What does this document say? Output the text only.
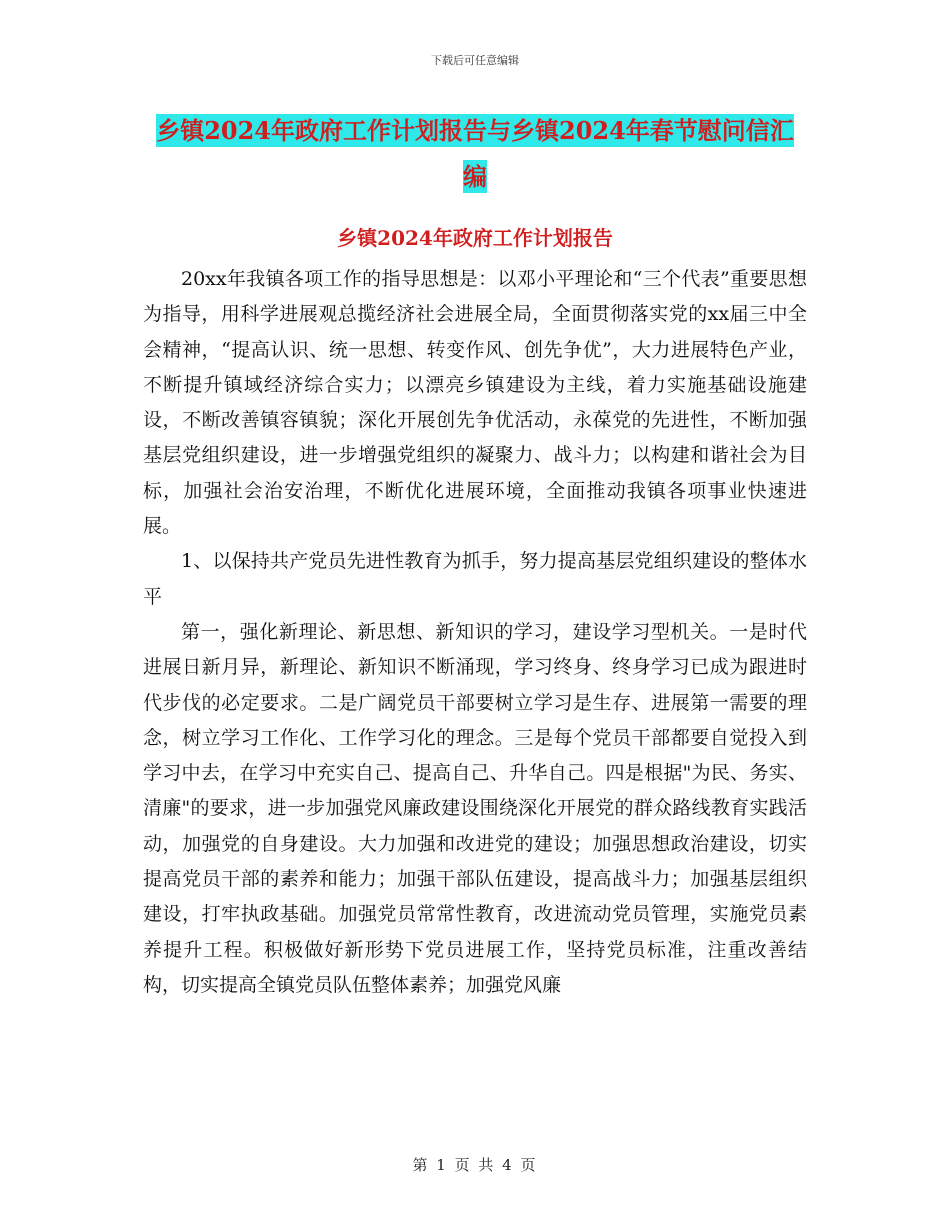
下载后可任意编辑
乡镇2024年政府工作计划报告与乡镇2024年春节慰问信汇编
乡镇2024年政府工作计划报告

20xx年我镇各项工作的指导思想是：以邓小平理论和“三个代表”重要思想为指导，用科学进展观总揽经济社会进展全局，全面贯彻落实党的xx届三中全会精神，“提高认识、统一思想、转变作风、创先争优”，大力进展特色产业，不断提升镇域经济综合实力；以漂亮乡镇建设为主线，着力实施基础设施建设，不断改善镇容镇貌；深化开展创先争优活动，永葆党的先进性，不断加强基层党组织建设，进一步增强党组织的凝聚力、战斗力；以构建和谐社会为目标，加强社会治安治理，不断优化进展环境，全面推动我镇各项事业快速进展。

1、以保持共产党员先进性教育为抓手，努力提高基层党组织建设的整体水平

第一，强化新理论、新思想、新知识的学习，建设学习型机关。一是时代进展日新月异，新理论、新知识不断涌现，学习终身、终身学习已成为跟进时代步伐的必定要求。二是广阔党员干部要树立学习是生存、进展第一需要的理念，树立学习工作化、工作学习化的理念。三是每个党员干部都要自觉投入到学习中去，在学习中充实自己、提高自己、升华自己。四是根据"为民、务实、清廉"的要求，进一步加强党风廉政建设围绕深化开展党的群众路线教育实践活动，加强党的自身建设。大力加强和改进党的建设；加强思想政治建设，切实提高党员干部的素养和能力；加强干部队伍建设，提高战斗力；加强基层组织建设，打牢执政基础。加强党员常常性教育，改进流动党员管理，实施党员素养提升工程。积极做好新形势下党员进展工作，坚持党员标准，注重改善结构，切实提高全镇党员队伍整体素养；加强党风廉

第 1 页 共 4 页
